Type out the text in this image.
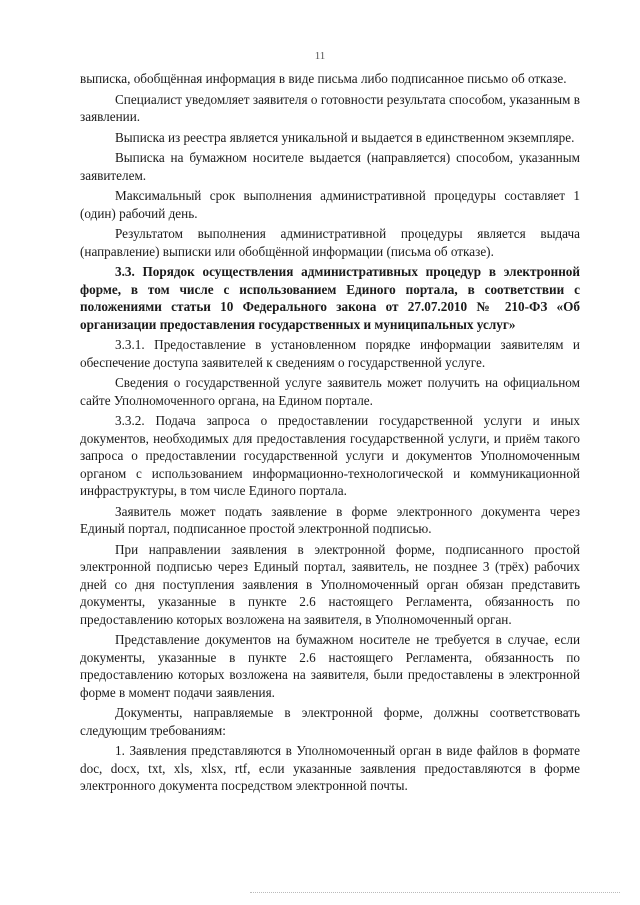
11

выписка, обобщённая информация в виде письма либо подписанное письмо об отказе.

Специалист уведомляет заявителя о готовности результата способом, указанным в заявлении.

Выписка из реестра является уникальной и выдается в единственном экземпляре.

Выписка на бумажном носителе выдается (направляется) способом, указанным заявителем.

Максимальный срок выполнения административной процедуры составляет 1 (один) рабочий день.

Результатом выполнения административной процедуры является выдача (направление) выписки или обобщённой информации (письма об отказе).

3.3. Порядок осуществления административных процедур в электронной форме, в том числе с использованием Единого портала, в соответствии с положениями статьи 10 Федерального закона от 27.07.2010 № 210-ФЗ «Об организации предоставления государственных и муниципальных услуг»

3.3.1. Предоставление в установленном порядке информации заявителям и обеспечение доступа заявителей к сведениям о государственной услуге.

Сведения о государственной услуге заявитель может получить на официальном сайте Уполномоченного органа, на Едином портале.

3.3.2. Подача запроса о предоставлении государственной услуги и иных документов, необходимых для предоставления государственной услуги, и приём такого запроса о предоставлении государственной услуги и документов Уполномоченным органом с использованием информационно-технологической и коммуникационной инфраструктуры, в том числе Единого портала.

Заявитель может подать заявление в форме электронного документа через Единый портал, подписанное простой электронной подписью.

При направлении заявления в электронной форме, подписанного простой электронной подписью через Единый портал, заявитель, не позднее 3 (трёх) рабочих дней со дня поступления заявления в Уполномоченный орган обязан представить документы, указанные в пункте 2.6 настоящего Регламента, обязанность по предоставлению которых возложена на заявителя, в Уполномоченный орган.

Представление документов на бумажном носителе не требуется в случае, если документы, указанные в пункте 2.6 настоящего Регламента, обязанность по предоставлению которых возложена на заявителя, были предоставлены в электронной форме в момент подачи заявления.

Документы, направляемые в электронной форме, должны соответствовать следующим требованиям:

1. Заявления представляются в Уполномоченный орган в виде файлов в формате doc, docx, txt, xls, xlsx, rtf, если указанные заявления предоставляются в форме электронного документа посредством электронной почты.
